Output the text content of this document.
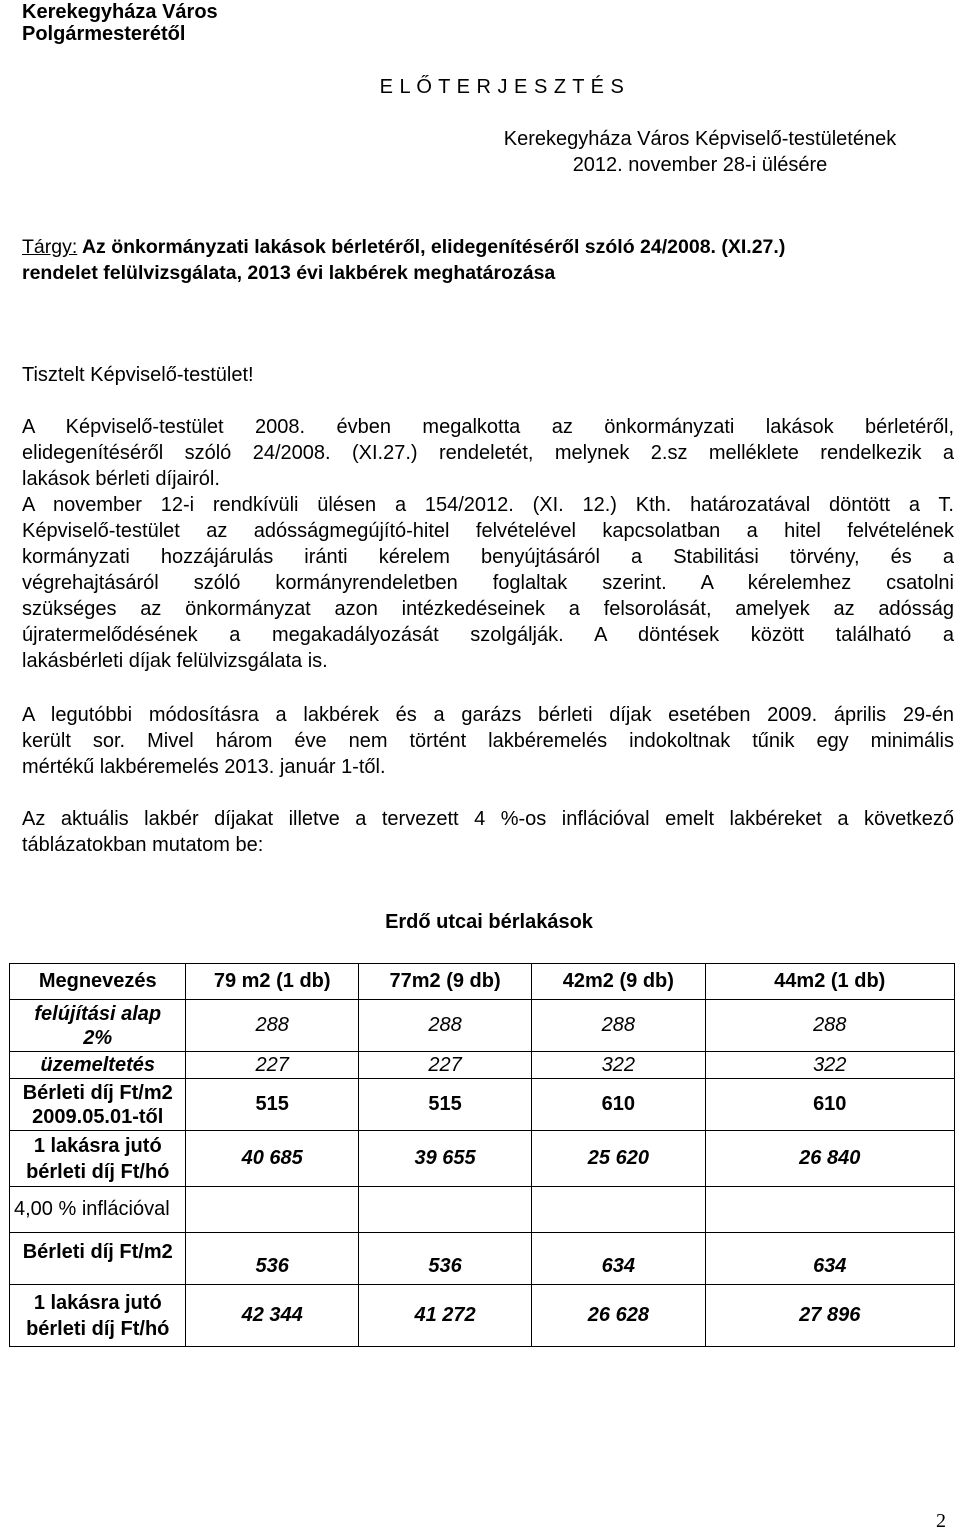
Kerekegyháza Város
Polgármesterétől
E L Ő T E R J E S Z T É S
Kerekegyháza Város Képviselő-testületének
2012. november 28-i ülésére
Tárgy: Az önkormányzati lakások bérletéről, elidegenítéséről szóló 24/2008. (XI.27.)
rendelet felülvizsgálata, 2013 évi lakbérek meghatározása
Tisztelt Képviselő-testület!
A Képviselő-testület 2008. évben megalkotta az önkormányzati lakások bérletéről,
elidegenítéséről szóló 24/2008. (XI.27.) rendeletét, melynek 2.sz melléklete rendelkezik a
lakások bérleti díjairól.
A november 12-i rendkívüli ülésen a 154/2012. (XI. 12.) Kth. határozatával döntött a T.
Képviselő-testület az adósságmegújító-hitel felvételével kapcsolatban a hitel felvételének
kormányzati hozzájárulás iránti kérelem benyújtásáról a Stabilitási törvény, és a
végrehajtásáról szóló kormányrendeletben foglaltak szerint. A kérelemhez csatolni
szükséges az önkormányzat azon intézkedéseinek a felsorolását, amelyek az adósság
újratermelődésének a megakadályozását szolgálják. A döntések között található a
lakásbérleti díjak felülvizsgálata is.
A legutóbbi módosításra a lakbérek és a garázs bérleti díjak esetében 2009. április 29-én
került sor. Mivel három éve nem történt lakbéremelés indokoltnak tűnik egy minimális
mértékű lakbéremelés 2013. január 1-től.
Az aktuális lakbér díjakat illetve a tervezett 4 %-os inflációval emelt lakbéreket a következő
táblázatokban mutatom be:
Erdő utcai bérlakások
Megnevezés	79 m2 (1 db)	77m2 (9 db)	42m2 (9 db)	44m2 (1 db)
felújítási alap
2%	288	288	288	288
üzemeltetés	227	227	322	322
Bérleti díj Ft/m2
2009.05.01-től	515	515	610	610
1 lakásra jutó
bérleti díj Ft/hó	40 685	39 655	25 620	26 840
4,00 % inflációval				
Bérleti díj Ft/m2	536	536	634	634
1 lakásra jutó
bérleti díj Ft/hó	42 344	41 272	26 628	27 896
2
